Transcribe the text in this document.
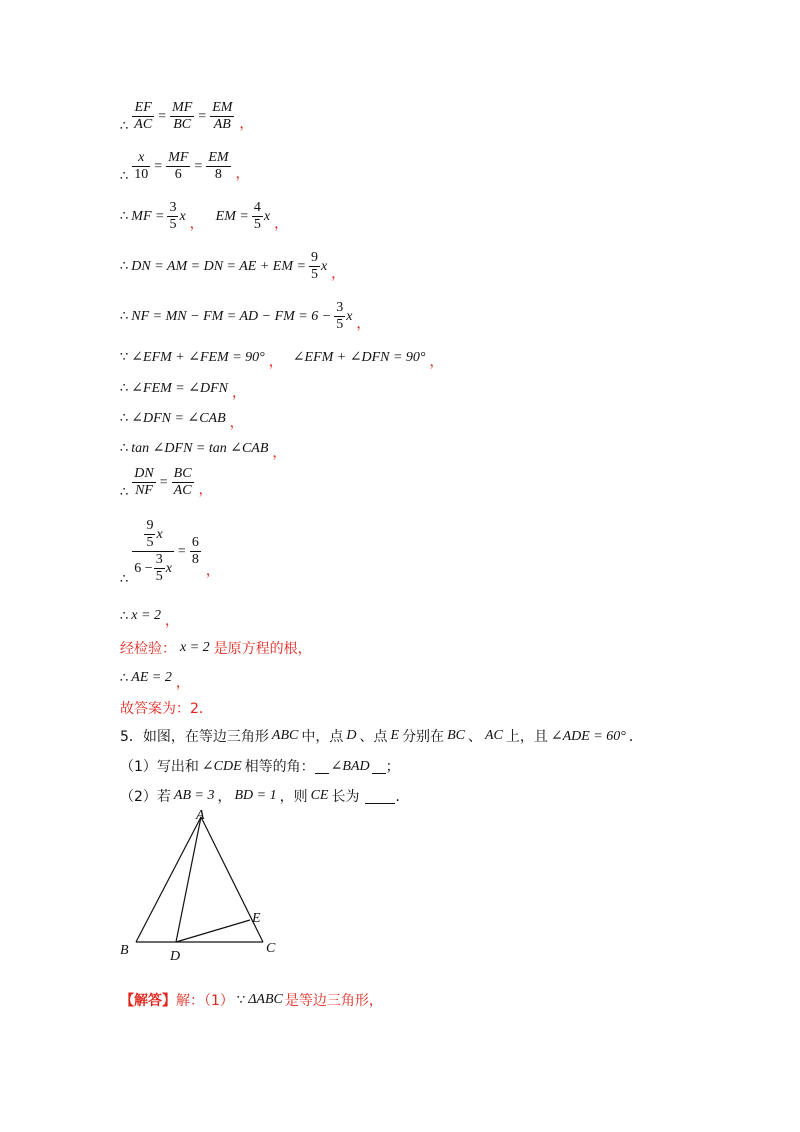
∴ $\frac{EF}{AC} = \frac{MF}{BC} = \frac{EM}{AB}$ ，
∴ $\frac{x}{10} = \frac{MF}{6} = \frac{EM}{8}$ ，
∴ MF = $\frac{3}{5}$ x ， EM = $\frac{4}{5}$ x ，
∴ DN = AM = DN = AE + EM = $\frac{9}{5}$ x ，
∴ NF = MN − FM = AD − FM = $6 - \frac{3}{5}$ x ，
∵ ∠EFM + ∠FEM = 90° ， ∠EFM + ∠DFN = 90° ，
∴ ∠FEM = ∠DFN ，
∴ ∠DFN = ∠CAB ，
∴ tan ∠DFN = tan ∠CAB ，
∴ $\frac{DN}{NF} = \frac{BC}{AC}$ ，
∴ $\frac{\frac{9}{5} x}{6 - \frac{3}{5} x} = \frac{6}{8}$
，
∴ x = 2 ，
经检验： x = 2 是原方程的根，
∴ AE = 2 ，
故答案为：2．
5． 如图，在等边三角形 ABC 中，点 D 、点 E 分别在 BC 、 AC 上，且 ∠ADE = 60° ．
（1）写出和 ∠CDE 相等的角： ∠BAD ；
（2）若 AB = 3 ， BD = 1 ，则 CE 长为	．
A
B	C
D
E
【解答】 解：（1） ∵ ΔABC 是等边三角形，
